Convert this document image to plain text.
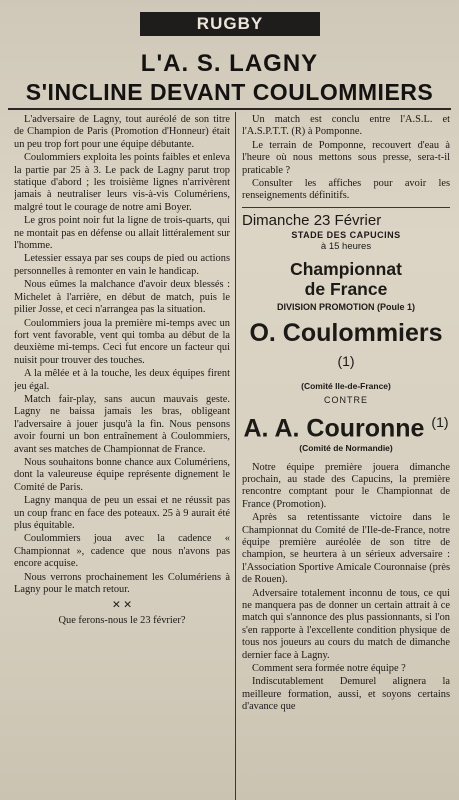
RUGBY
L'A. S. LAGNY
S'INCLINE DEVANT COULOMMIERS

L'adversaire de Lagny, tout auréolé de son titre de Champion de Paris (Promotion d'Honneur) était un peu trop fort pour une équipe débutante.

Coulommiers exploita les points faibles et enleva la partie par 25 à 3. Le pack de Lagny parut trop statique d'abord ; les troisième lignes n'arrivèrent jamais à neutraliser leurs vis-à-vis Columériens, malgré tout le courage de notre ami Boyer.

Le gros point noir fut la ligne de trois-quarts, qui ne montait pas en défense ou allait littéralement sur l'homme.

Letessier essaya par ses coups de pied ou actions personnelles à remonter en vain le handicap.

Nous eûmes la malchance d'avoir deux blessés : Michelet à l'arrière, en début de match, puis le pilier Josse, et ceci n'arrangea pas la situation.

Coulommiers joua la première mi-temps avec un fort vent favorable, vent qui tomba au début de la deuxième mi-temps. Ceci fut encore un facteur qui nuisit pour trouver des touches.

A la mêlée et à la touche, les deux équipes firent jeu égal.

Match fair-play, sans aucun mauvais geste. Lagny ne baissa jamais les bras, obligeant l'adversaire à jouer jusqu'à la fin. Nous pensons avoir fourni un bon entraînement à Coulommiers, avant ses matches de Championnat de France.

Nous souhaitons bonne chance aux Columériens, dont la valeureuse équipe représente dignement le Comité de Paris.

Lagny manqua de peu un essai et ne réussit pas un coup franc en face des poteaux. 25 à 9 aurait été plus équitable.

Coulommiers joua avec la cadence « Championnat », cadence que nous n'avons pas encore acquise.

Nous verrons prochainement les Columériens à Lagny pour le match retour.

✕ ✕

Que ferons-nous le 23 février?

Un match est conclu entre l'A.S.L. et l'A.S.P.T.T. (R) à Pomponne.

Le terrain de Pomponne, recouvert d'eau à l'heure où nous mettons sous presse, sera-t-il praticable ?

Consulter les affiches pour avoir les renseignements définitifs.

Dimanche 23 Février
STADE DES CAPUCINS
à 15 heures
Championnat
de France
DIVISION PROMOTION (Poule 1)
O. Coulommiers $^{(1)}$
(Comité Ile-de-France)
CONTRE
A. A. Couronne $^{(1)}$
(Comité de Normandie)

Notre équipe première jouera dimanche prochain, au stade des Capucins, la première rencontre comptant pour le Championnat de France (Promotion).

Après sa retentissante victoire dans le Championnat du Comité de l'Ile-de-France, notre équipe première auréolée de son titre de champion, se heurtera à un sérieux adversaire : l'Association Sportive Amicale Couronnaise (près de Rouen).

Adversaire totalement inconnu de tous, ce qui ne manquera pas de donner un certain attrait à ce match qui s'annonce des plus passionnants, si l'on s'en rapporte à l'excellente condition physique de tous nos joueurs au cours du match de dimanche dernier face à Lagny.

Comment sera formée notre équipe ?

Indiscutablement Demurel alignera la meilleure formation, aussi, et soyons certains d'avance que
